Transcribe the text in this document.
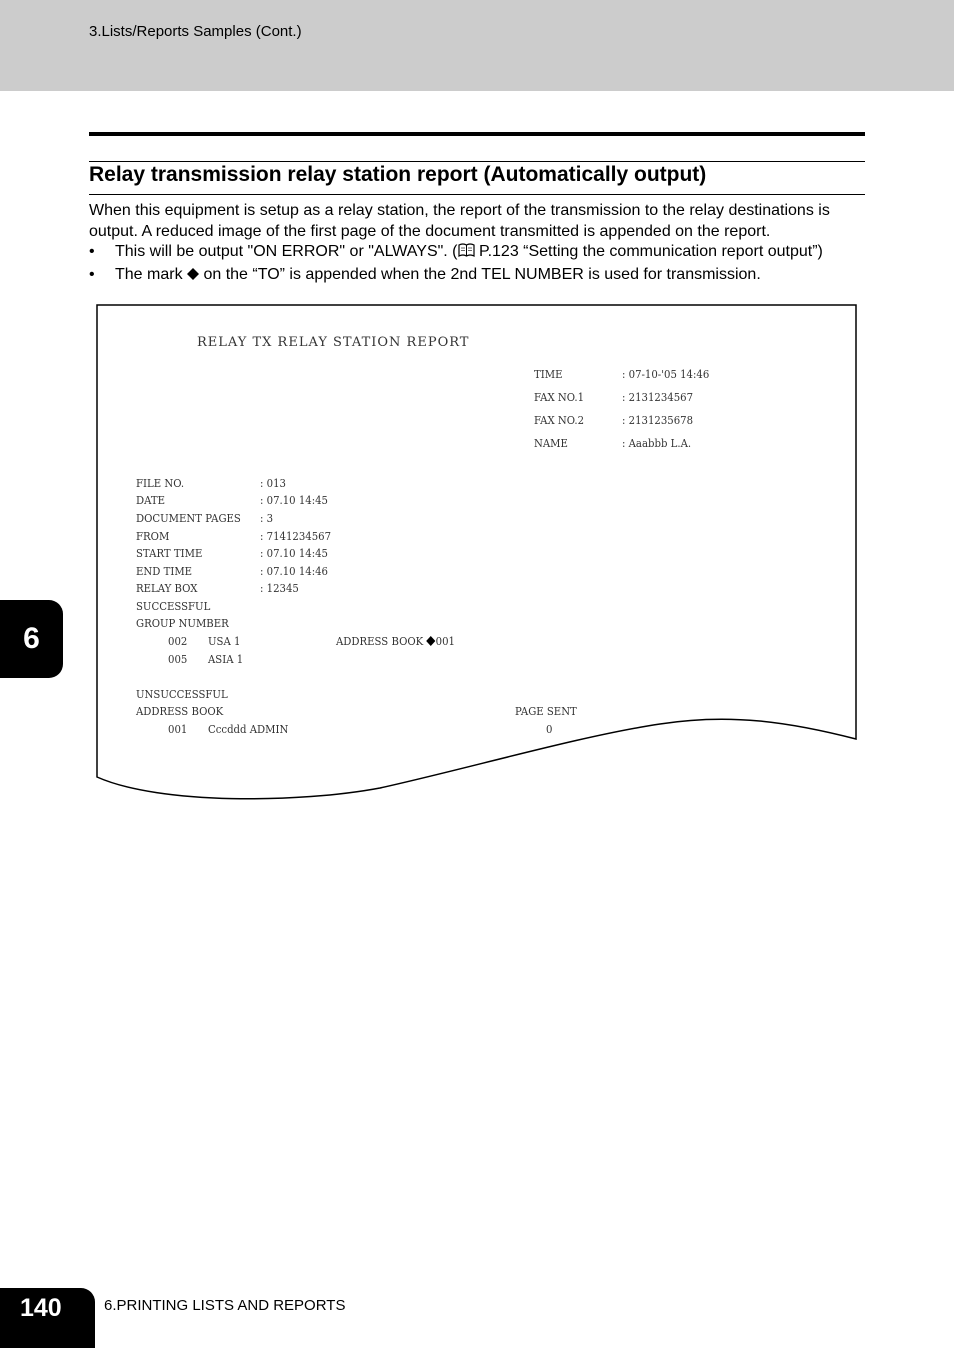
3.Lists/Reports Samples (Cont.)
Relay transmission relay station report (Automatically output)
When this equipment is setup as a relay station, the report of the transmission to the relay destinations is output. A reduced image of the first page of the document transmitted is appended on the report.
• This will be output "ON ERROR" or "ALWAYS". ( P.123 “Setting the communication report output”)
• The mark  on the “TO” is appended when the 2nd TEL NUMBER is used for transmission.
RELAY TX RELAY STATION REPORT
TIME	: 07-10-'05 14:46
FAX NO.1	: 2131234567
FAX NO.2	: 2131235678
NAME	: Aaabbb L.A.
FILE NO.	: 013
DATE	: 07.10 14:45
DOCUMENT PAGES : 3
FROM	: 7141234567
START TIME	: 07.10 14:45
END TIME	: 07.10 14:46
RELAY BOX	: 12345
SUCCESSFUL
GROUP NUMBER
002 USA 1	ADDRESS BOOK 001
005 ASIA 1
UNSUCCESSFUL
ADDRESS BOOK	PAGE SENT
001 Cccddd ADMIN	0
6
140	6.PRINTING LISTS AND REPORTS
